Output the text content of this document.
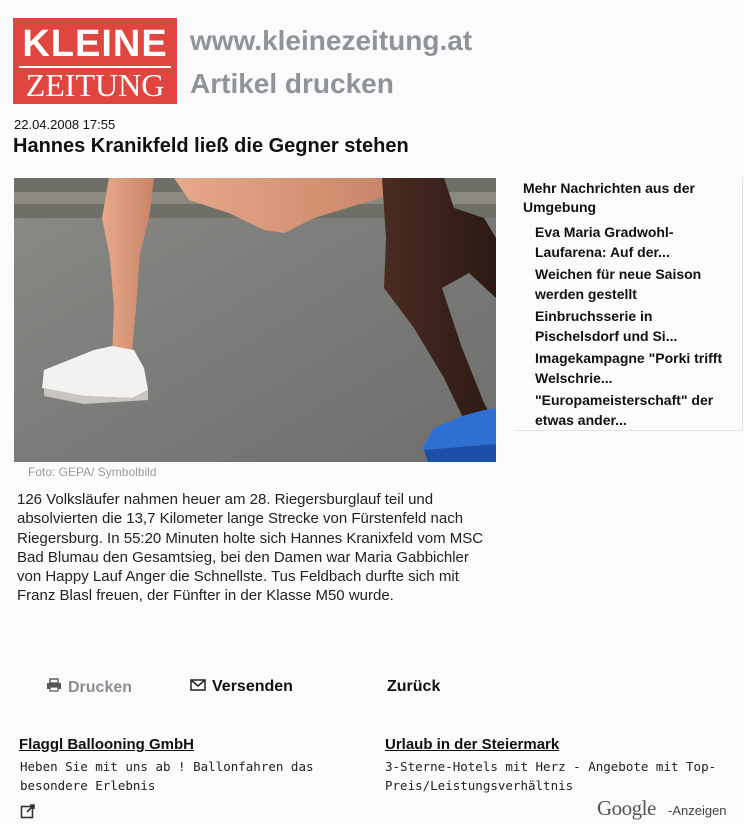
KLEINE
ZEITUNG
www.kleinezeitung.at
Artikel drucken
22.04.2008 17:55
Hannes Kranikfeld ließ die Gegner stehen
Foto: GEPA/ Symbolbild
126 Volksläufer nahmen heuer am 28. Riegersburglauf teil und absolvierten die 13,7 Kilometer lange Strecke von Fürstenfeld nach Riegersburg. In 55:20 Minuten holte sich Hannes Kranixfeld vom MSC Bad Blumau den Gesamtsieg, bei den Damen war Maria Gabbichler von Happy Lauf Anger die Schnellste. Tus Feldbach durfte sich mit Franz Blasl freuen, der Fünfter in der Klasse M50 wurde.
Mehr Nachrichten aus der Umgebung
Eva Maria Gradwohl-Laufarena: Auf der...
Weichen für neue Saison werden gestellt
Einbruchsserie in Pischelsdorf und Si...
Imagekampagne "Porki trifft Welschrie...
"Europameisterschaft" der etwas ander...
Drucken	Versenden	Zurück
Flaggl Ballooning GmbH
Heben Sie mit uns ab ! Ballonfahren das besondere Erlebnis
Urlaub in der Steiermark
3-Sterne-Hotels mit Herz - Angebote mit Top-Preis/Leistungsverhältnis
Google -Anzeigen
